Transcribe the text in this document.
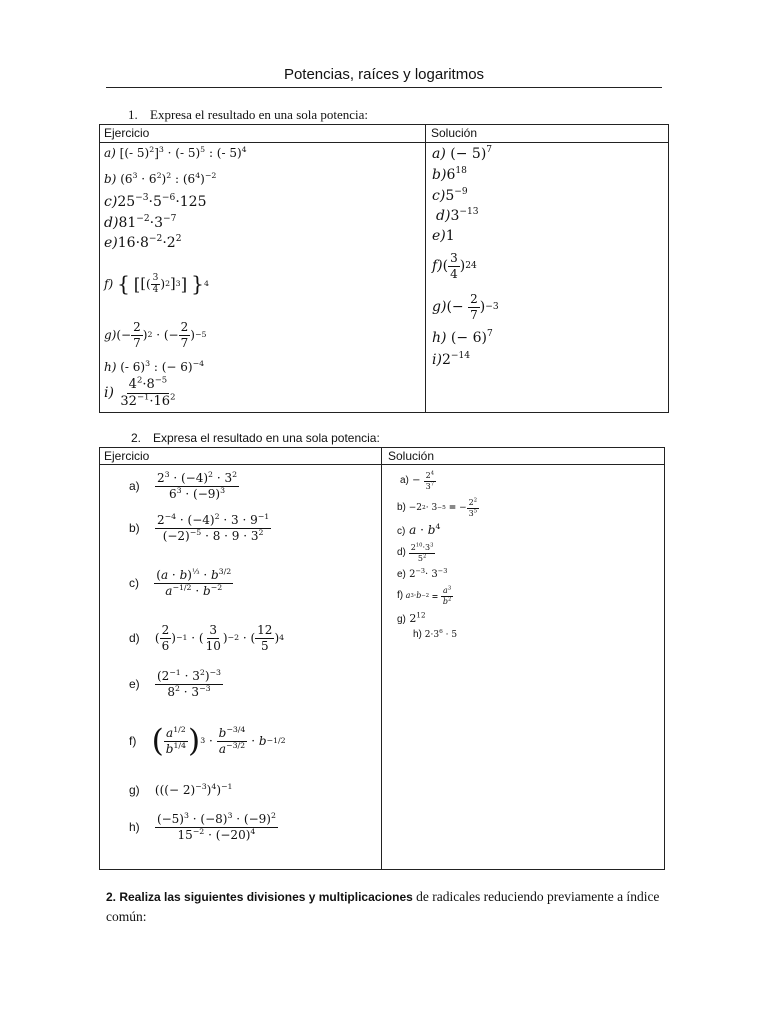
Potencias, raíces y logaritmos
1. Expresa el resultado en una sola potencia:
Ejercicio	Solución
a) [(- 5)$^2$]$^3$ · (- 5)$^5$ : (- 5)$^4$
b) $(6^3 \cdot 6^2)^2$ : $(6^4)^{-2}$
$c)25^{-3}\cdot 5^{-6}\cdot 125$
$d)81^{-2}\cdot 3^{-7}$
$e)16\cdot 8^{-2}\cdot 2^2$
f)
{
[ [ ( $\frac{3}{4}$ ) 2 ] 3 ]
} 4
g) (− $\frac{2}{7}$ ) 2 · (− $\frac{2}{7}$ ) −5
h) (- 6)$^3$ : (− 6)$^{-4}$
i)
$\frac{4^2\cdot 8^{-5}}{32^{-1}\cdot 16^2}$
a) (− 5)$^7$
$b)6^{18}$
$c)5^{-9}$
$d)3^{-13}$
e)1
f) ( $\frac{3}{4}$ ) 24
g) (− $\frac{2}{7}$ ) −3
h) (− 6)$^7$
$i)2^{-14}$
2. Expresa el resultado en una sola potencia:
Ejercicio	Solución
a)
$\frac{2^3 \cdot (-4)^2 \cdot 3^2}{6^3 \cdot (-9)^3}$
b)
$\frac{2^{-4} \cdot (-4)^2 \cdot 3 \cdot 9^{-1}}{(-2)^{-5} \cdot 8 \cdot 9 \cdot 3^2}$
c)
$\frac{(a \cdot b)^{\frac{1}{3}} \cdot b^{3/2}}{a^{-1/2} \cdot b^{-2}}$
d) ( $\frac{2}{6}$ ) −1 · ( $\frac{3}{10}$ ) −2 · ( $\frac{12}{5}$ ) 4
e)
$\frac{(2^{-1} \cdot 3^2)^{-3}}{8^2 \cdot 3^{-3}}$
f)
( $\frac{a^{1/2}}{b^{1/4}}$ ) $3 \cdot \frac{b^{-3/4}}{a^{-3/2}} \cdot b -1/2$
g)    (((− 2)$^{-3}$)$^4$)$^{-1}$
h)
$\frac{(-5)^3 \cdot (-8)^3 \cdot (-9)^2}{15^{-2} \cdot (-20)^4}$
$a) - \frac{2^4}{3^7}$
b) −2 2 · 3 −5
= − $\frac{2^2}{3^5}$
c) $a \cdot b^4$
d)
$\frac{2^{10}\cdot 3^3}{5^2}$
e) $2^{-3}\cdot 3^{-3}$
f)
a 3 · b −2
=
$\frac{a^3}{b^2}$
g) $2^{12}$
h) $2\cdot 3^6 \cdot 5$
2. Realiza las siguientes divisiones y multiplicaciones de radicales reduciendo previamente a índice común:
